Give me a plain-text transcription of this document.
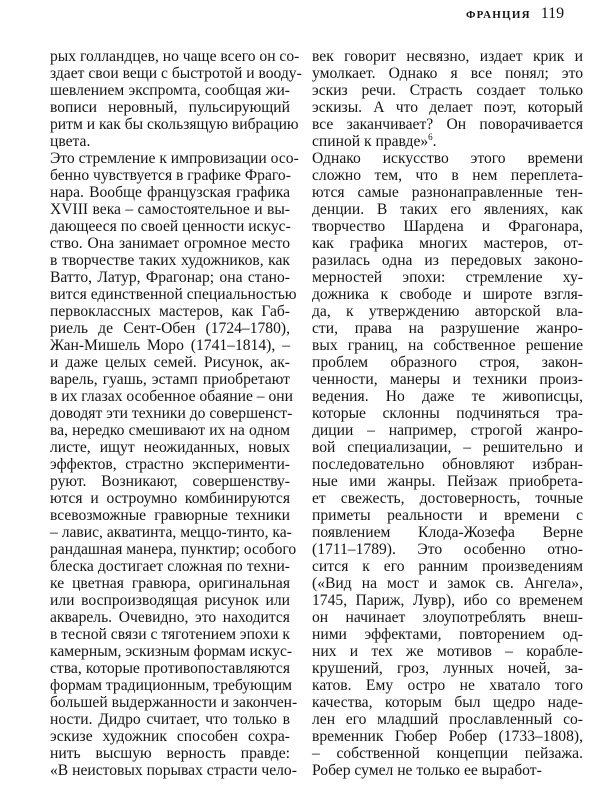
ФРАНЦИЯ 119
рых голландцев, но чаще всего он со-
здает свои вещи с быстротой и вооду-
шевлением экспромта, сообщая жи-
вописи неровный, пульсирующий
ритм и как бы скользящую вибрацию
цвета.
Это стремление к импровизации осо-
бенно чувствуется в графике Фраго-
нара. Вообще французская графика
XVIII века – самостоятельное и вы-
дающееся по своей ценности искус-
ство. Она занимает огромное место
в творчестве таких художников, как
Ватто, Латур, Фрагонар; она стано-
вится единственной специальностью
первоклассных мастеров, как Габ-
риель де Сент-Обен (1724–1780),
Жан-Мишель Моро (1741–1814), –
и даже целых семей. Рисунок, ак-
варель, гуашь, эстамп приобретают
в их глазах особенное обаяние – они
доводят эти техники до совершенст-
ва, нередко смешивают их на одном
листе, ищут неожиданных, новых
эффектов, страстно эксперименти-
руют. Возникают, совершенству-
ются и остроумно комбинируются
всевозможные гравюрные техники
– лавис, акватинта, меццо-тинто, ка-
рандашная манера, пунктир; особого
блеска достигает сложная по техни-
ке цветная гравюра, оригинальная
или воспроизводящая рисунок или
акварель. Очевидно, это находится
в тесной связи с тяготением эпохи к
камерным, эскизным формам искус-
ства, которые противопоставляются
формам традиционным, требующим
большей выдержанности и закончен-
ности. Дидро считает, что только в
эскизе художник способен сохра-
нить высшую верность правде:
«В неистовых порывах страсти чело-
век говорит несвязно, издает крик и
умолкает. Однако я все понял; это
эскиз речи. Страсть создает только
эскизы. А что делает поэт, который
все заканчивает? Он поворачивается
спиной к правде»$^6$.
Однако искусство этого времени
сложно тем, что в нем переплета-
ются самые разнонаправленные тен-
денции. В таких его явлениях, как
творчество Шардена и Фрагонара,
как графика многих мастеров, от-
разилась одна из передовых законо-
мерностей эпохи: стремление ху-
дожника к свободе и широте взгля-
да, к утверждению авторской вла-
сти, права на разрушение жанро-
вых границ, на собственное решение
проблем образного строя, закон-
ченности, манеры и техники произ-
ведения. Но даже те живописцы,
которые склонны подчиняться тра-
диции – например, строгой жанро-
вой специализации, – решительно и
последовательно обновляют избран-
ные ими жанры. Пейзаж приобрета-
ет свежесть, достоверность, точные
приметы реальности и времени с
появлением Клода-Жозефа Верне
(1711–1789). Это особенно отно-
сится к его ранним произведениям
(«Вид на мост и замок св. Ангела»,
1745, Париж, Лувр), ибо со временем
он начинает злоупотреблять внеш-
ними эффектами, повторением од-
них и тех же мотивов – корабле-
крушений, гроз, лунных ночей, за-
катов. Ему остро не хватало того
качества, которым был щедро наде-
лен его младший прославленный со-
временник Гюбер Робер (1733–1808),
– собственной концепции пейзажа.
Робер сумел не только ее выработ-
